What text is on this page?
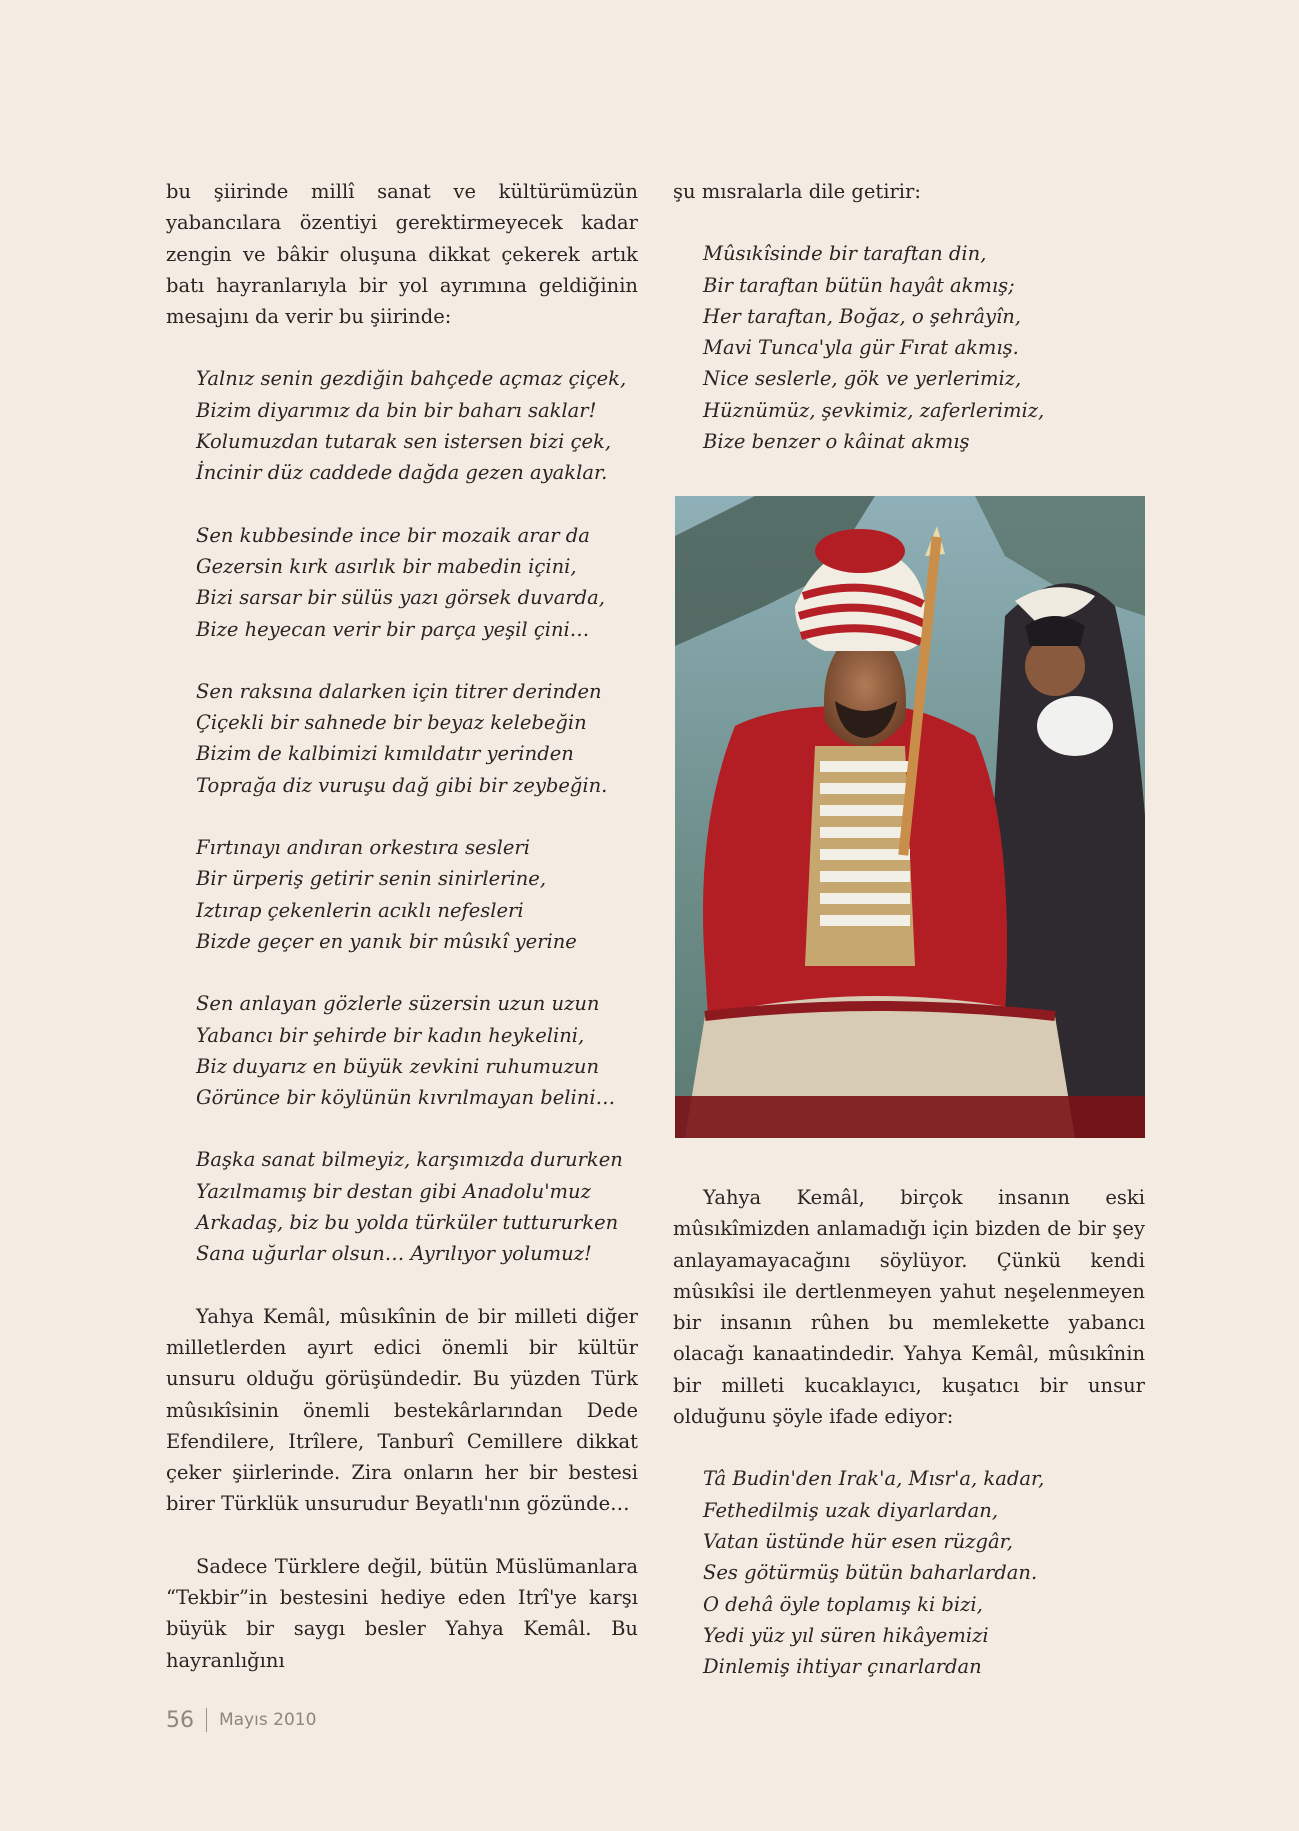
bu şiirinde millî sanat ve kültürümüzün yabancılara özentiyi gerektirmeyecek kadar zengin ve bâkir oluşuna dikkat çekerek artık batı hayranlarıyla bir yol ayrımına geldiğinin mesajını da verir bu şiirinde:

Yalnız senin gezdiğin bahçede açmaz çiçek,
Bizim diyarımız da bin bir baharı saklar!
Kolumuzdan tutarak sen istersen bizi çek,
İncinir düz caddede dağda gezen ayaklar.
Sen kubbesinde ince bir mozaik arar da
Gezersin kırk asırlık bir mabedin içini,
Bizi sarsar bir sülüs yazı görsek duvarda,
Bize heyecan verir bir parça yeşil çini…
Sen raksına dalarken için titrer derinden
Çiçekli bir sahnede bir beyaz kelebeğin
Bizim de kalbimizi kımıldatır yerinden
Toprağa diz vuruşu dağ gibi bir zeybeğin.
Fırtınayı andıran orkestıra sesleri
Bir ürperiş getirir senin sinirlerine,
Iztırap çekenlerin acıklı nefesleri
Bizde geçer en yanık bir mûsıkî yerine
Sen anlayan gözlerle süzersin uzun uzun
Yabancı bir şehirde bir kadın heykelini,
Biz duyarız en büyük zevkini ruhumuzun
Görünce bir köylünün kıvrılmayan belini…
Başka sanat bilmeyiz, karşımızda dururken
Yazılmamış bir destan gibi Anadolu'muz
Arkadaş, biz bu yolda türküler tuttururken
Sana uğurlar olsun… Ayrılıyor yolumuz!

Yahya Kemâl, mûsıkînin de bir milleti diğer milletlerden ayırt edici önemli bir kültür unsuru olduğu görüşündedir. Bu yüzden Türk mûsıkîsinin önemli bestekârlarından Dede Efendilere, Itrîlere, Tanburî Cemillere dikkat çeker şiirlerinde. Zira onların her bir bestesi birer Türklük unsurudur Beyatlı'nın gözünde…

Sadece Türklere değil, bütün Müslümanlara “Tekbir”in bestesini hediye eden Itrî'ye karşı büyük bir saygı besler Yahya Kemâl. Bu hayranlığını

şu mısralarla dile getirir:

Mûsıkîsinde bir taraftan din,
Bir taraftan bütün hayât akmış;
Her taraftan, Boğaz, o şehrâyîn,
Mavi Tunca'yla gür Fırat akmış.
Nice seslerle, gök ve yerlerimiz,
Hüznümüz, şevkimiz, zaferlerimiz,
Bize benzer o kâinat akmış

Yahya Kemâl, birçok insanın eski mûsıkîmizden anlamadığı için bizden de bir şey anlayamayacağını söylüyor. Çünkü kendi mûsıkîsi ile dertlenmeyen yahut neşelenmeyen bir insanın rûhen bu memlekette yabancı olacağı kanaatindedir. Yahya Kemâl, mûsıkînin bir milleti kucaklayıcı, kuşatıcı bir unsur olduğunu şöyle ifade ediyor:

Tâ Budin'den Irak'a, Mısr'a, kadar,
Fethedilmiş uzak diyarlardan,
Vatan üstünde hür esen rüzgâr,
Ses götürmüş bütün baharlardan.
O dehâ öyle toplamış ki bizi,
Yedi yüz yıl süren hikâyemizi
Dinlemiş ihtiyar çınarlardan
56 Mayıs 2010
